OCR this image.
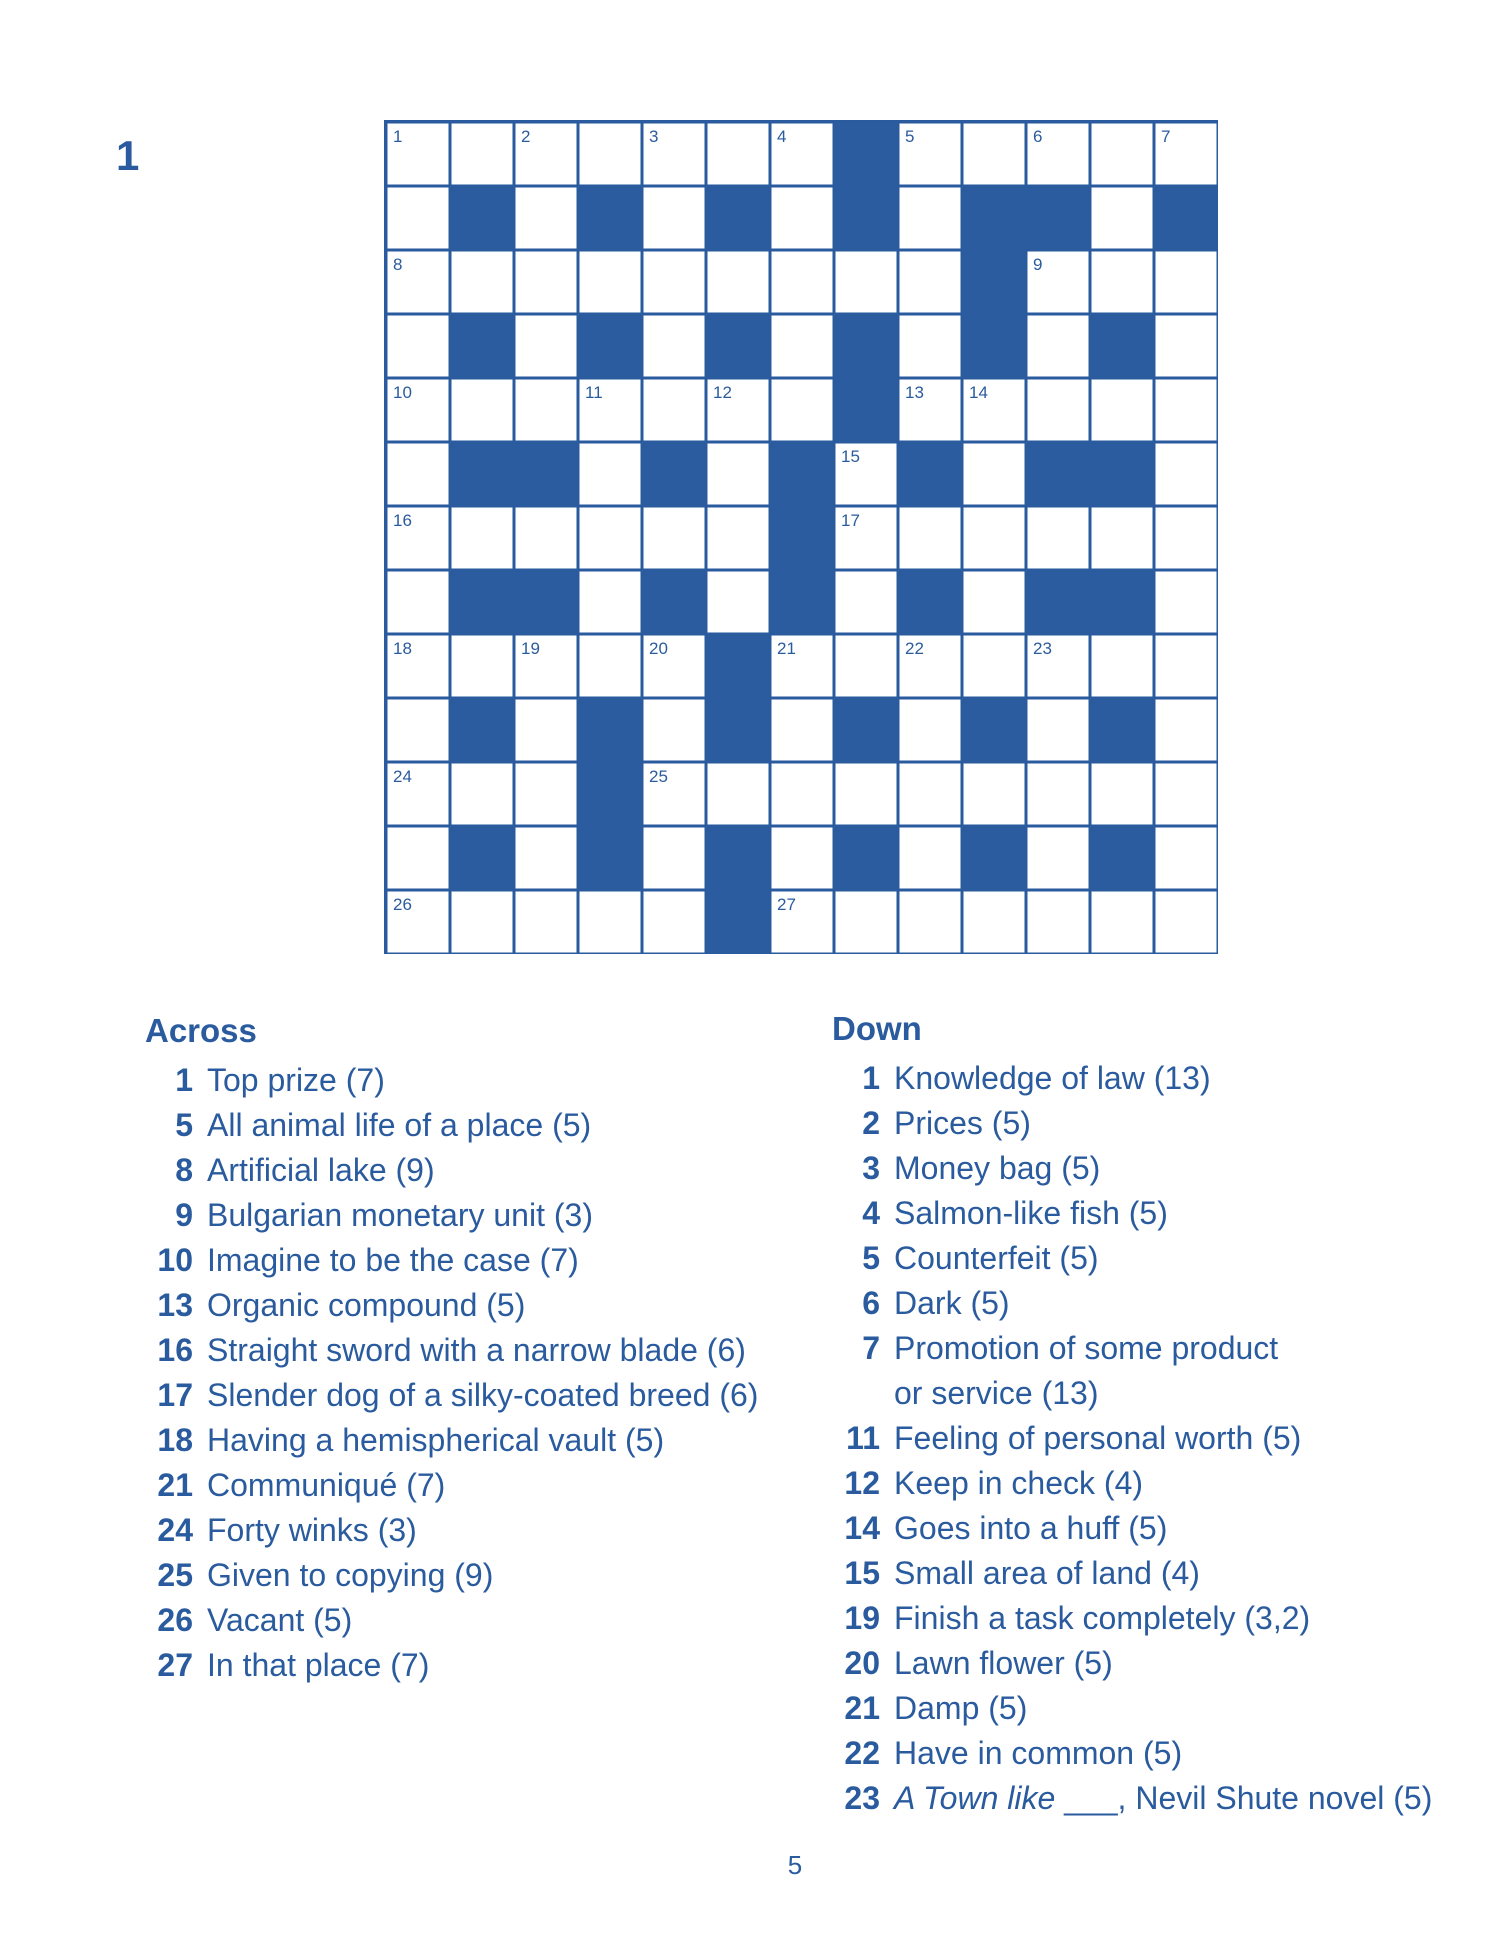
1	1	2	3	4	5	6	7
8	9
10	11	12	13	14
15
16	17
18	19	20	21	22	23
24	25
26	27
Across
1 Top prize (7)
5 All animal life of a place (5)
8 Artificial lake (9)
9 Bulgarian monetary unit (3)
10 Imagine to be the case (7)
13 Organic compound (5)
16 Straight sword with a narrow blade (6)
17 Slender dog of a silky-coated breed (6)
18 Having a hemispherical vault (5)
21 Communiqué (7)
24 Forty winks (3)
25 Given to copying (9)
26 Vacant (5)
27 In that place (7)
Down
1 Knowledge of law (13)
2 Prices (5)
3 Money bag (5)
4 Salmon-like fish (5)
5 Counterfeit (5)
6 Dark (5)
7 Promotion of some product
or service (13)
11 Feeling of personal worth (5)
12 Keep in check (4)
14 Goes into a huff (5)
15 Small area of land (4)
19 Finish a task completely (3,2)
20 Lawn flower (5)
21 Damp (5)
22 Have in common (5)
23 A Town like ___, Nevil Shute novel (5)
5
